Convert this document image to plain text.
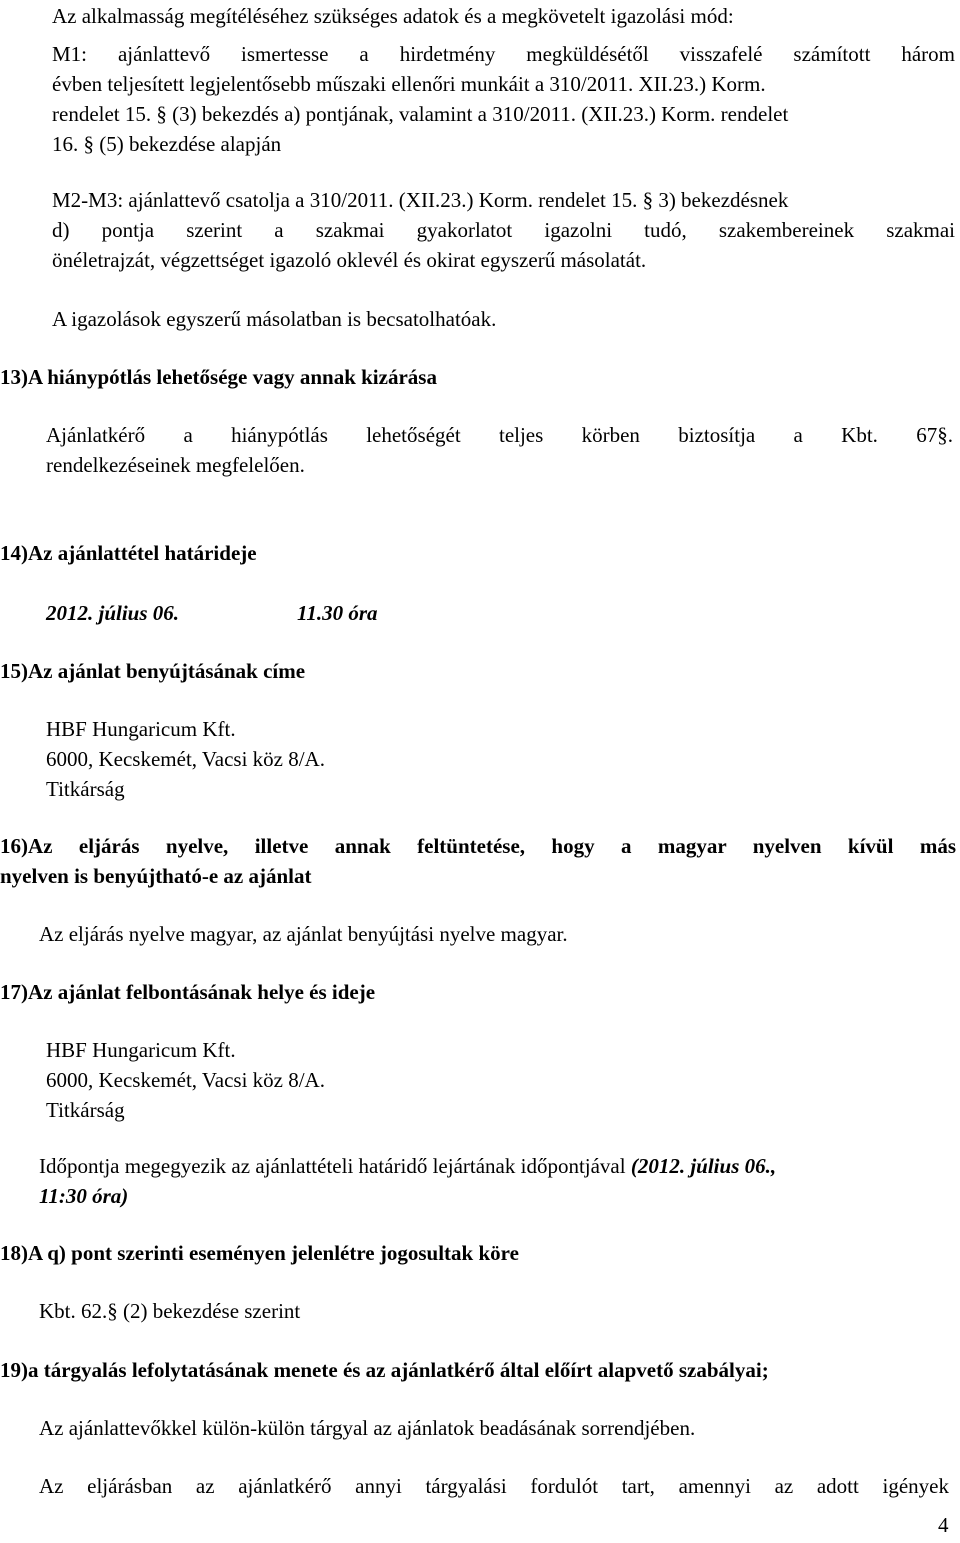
Az alkalmasság megítéléséhez szükséges adatok és a megkövetelt igazolási mód:
M1: ajánlattevő ismertesse a hirdetmény megküldésétől visszafelé számított három
évben teljesített legjelentősebb műszaki ellenőri munkáit a 310/2011. XII.23.) Korm.
rendelet 15. § (3) bekezdés a) pontjának, valamint a 310/2011. (XII.23.) Korm. rendelet
16. § (5) bekezdése alapján
M2-M3: ajánlattevő csatolja a 310/2011. (XII.23.) Korm. rendelet 15. § 3) bekezdésnek
d) pontja szerint a szakmai gyakorlatot igazolni tudó, szakembereinek szakmai
önéletrajzát, végzettséget igazoló oklevél és okirat egyszerű másolatát.
A igazolások egyszerű másolatban is becsatolhatóak.
13)A hiánypótlás lehetősége vagy annak kizárása
Ajánlatkérő a hiánypótlás lehetőségét teljes körben biztosítja a Kbt. 67§.
rendelkezéseinek megfelelően.
14)Az ajánlattétel határideje
2012. július 06.	11.30 óra
15)Az ajánlat benyújtásának címe
HBF Hungaricum Kft.
6000, Kecskemét, Vacsi köz 8/A.
Titkárság
16)Az eljárás nyelve, illetve annak feltüntetése, hogy a magyar nyelven kívül más
nyelven is benyújtható-e az ajánlat
Az eljárás nyelve magyar, az ajánlat benyújtási nyelve magyar.
17)Az ajánlat felbontásának helye és ideje
HBF Hungaricum Kft.
6000, Kecskemét, Vacsi köz 8/A.
Titkárság
Időpontja megegyezik az ajánlattételi határidő lejártának időpontjával (2012. július 06.,
11:30 óra)
18)A q) pont szerinti eseményen jelenlétre jogosultak köre
Kbt. 62.§ (2) bekezdése szerint
19)a tárgyalás lefolytatásának menete és az ajánlatkérő által előírt alapvető szabályai;
Az ajánlattevőkkel külön-külön tárgyal az ajánlatok beadásának sorrendjében.
Az eljárásban az ajánlatkérő annyi tárgyalási fordulót tart, amennyi az adott igények
4
